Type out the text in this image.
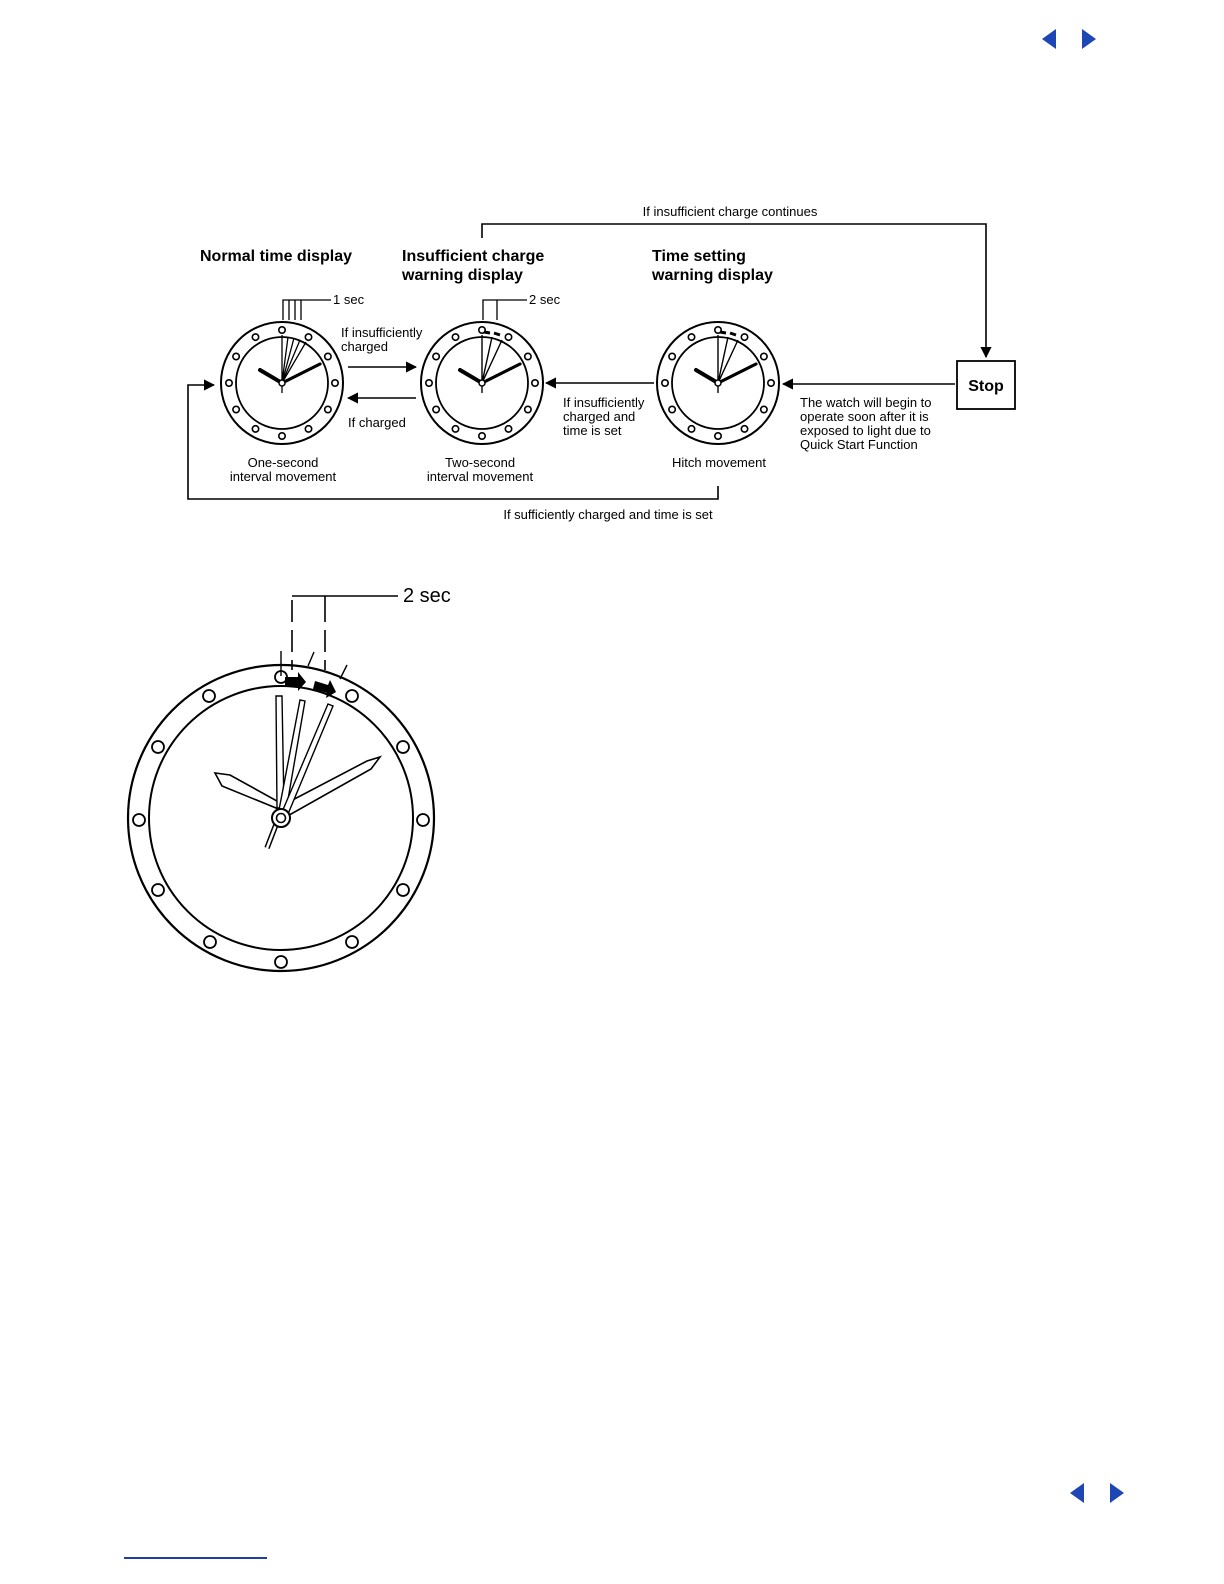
Normal time display
1 sec
One-second
interval movement
Insufficient charge
warning display
2 sec
Two-second
interval movement
Time setting
warning display
Hitch movement
Stop
If insufficiently
charged
If charged
If insufficiently
charged and
time is set
If insufficient charge continues
If sufficiently charged and time is set
The watch will begin to
operate soon after it is
exposed to light due to
Quick Start Function
2 sec
